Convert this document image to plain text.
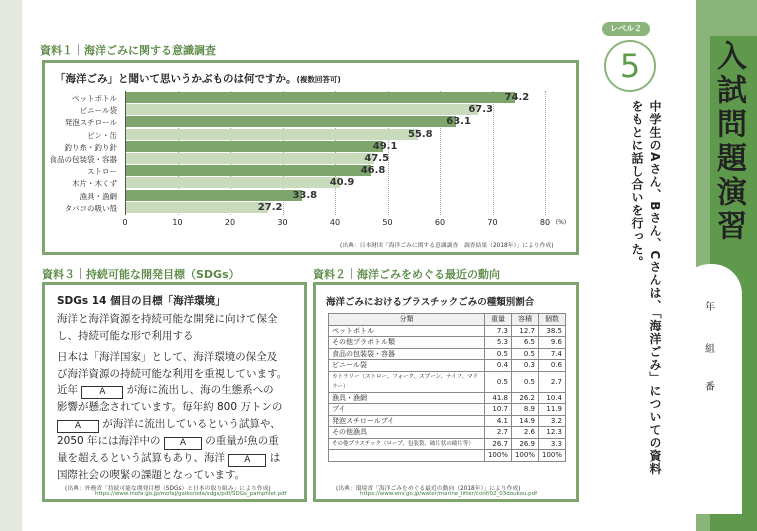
資料１ 海洋ごみに関する意識調査
「海洋ごみ」と聞いて思いうかぶものは何ですか。(複数回答可)
0	10	20	30	40	50	60	70	80 (%)
ペットボトル	74.2
ビニール袋	67.3
発泡スチロール	63.1
ビン・缶	55.8
釣り糸・釣り針	49.1
食品の包装袋・容器	47.5
ストロー	46.8
木片・木くず	40.9
漁具・漁網	33.8
タバコの吸い殻	27.2
(出典：日本財団「海洋ごみに関する意識調査　調査結果（2018年）」により作成)
資料３ 持続可能な開発目標（SDGs）
SDGs 14 個目の目標「海洋環境」
海洋と海洋資源を持続可能な開発に向けて保全
し、持続可能な形で利用する
日本は「海洋国家」として、海洋環境の保全及
び海洋資源の持続可能な利用を重視しています。
近年 A が海に流出し、海の生態系への
影響が懸念されています。毎年約 800 万トンの
A が海洋に流出しているという試算や、
2050 年には海洋中の A の重量が魚の重
量を超えるという試算もあり、海洋 A は
国際社会の喫緊の課題となっています。
(出典：外務省「持続可能な開発目標（SDGs）と日本の取り組み」により作成)
https://www.mofa.go.jp/mofaj/gaiko/oda/sdgs/pdf/SDGs_pamphlet.pdf
資料２ 海洋ごみをめぐる最近の動向
海洋ごみにおけるプラスチックごみの種類別割合
分類	重量	容積	個数
ペットボトル	7.3	12.7	38.5
その他プラボトル類	5.3	6.5	9.6
食品の包装袋・容器	0.5	0.5	7.4
ビニール袋	0.4	0.3	0.6
カトラリー（ストロー、フォーク、スプーン、ナイフ、マドラー）	0.5	0.5	2.7
漁具・漁網	41.8	26.2	10.4
ブイ	10.7	8.9	11.9
発泡スチロールブイ	4.1	14.9	3.2
その他漁具	2.7	2.6	12.3
その他プラスチック（ロープ、包装袋、破片状の破片等）	26.7	26.9	3.3
	100%	100%	100%
(出典：環境省「海洋ごみをめぐる最近の動向（2018年）」により作成)
https://www.env.go.jp/water/marine_litter/conf/02_03doukou.pdf
レベル２
5	入試問題演習
中学生のAさん、Bさん、Cさんは、「海洋ごみ」についての資料
をもとに話し合いを行った。
年
組
番
